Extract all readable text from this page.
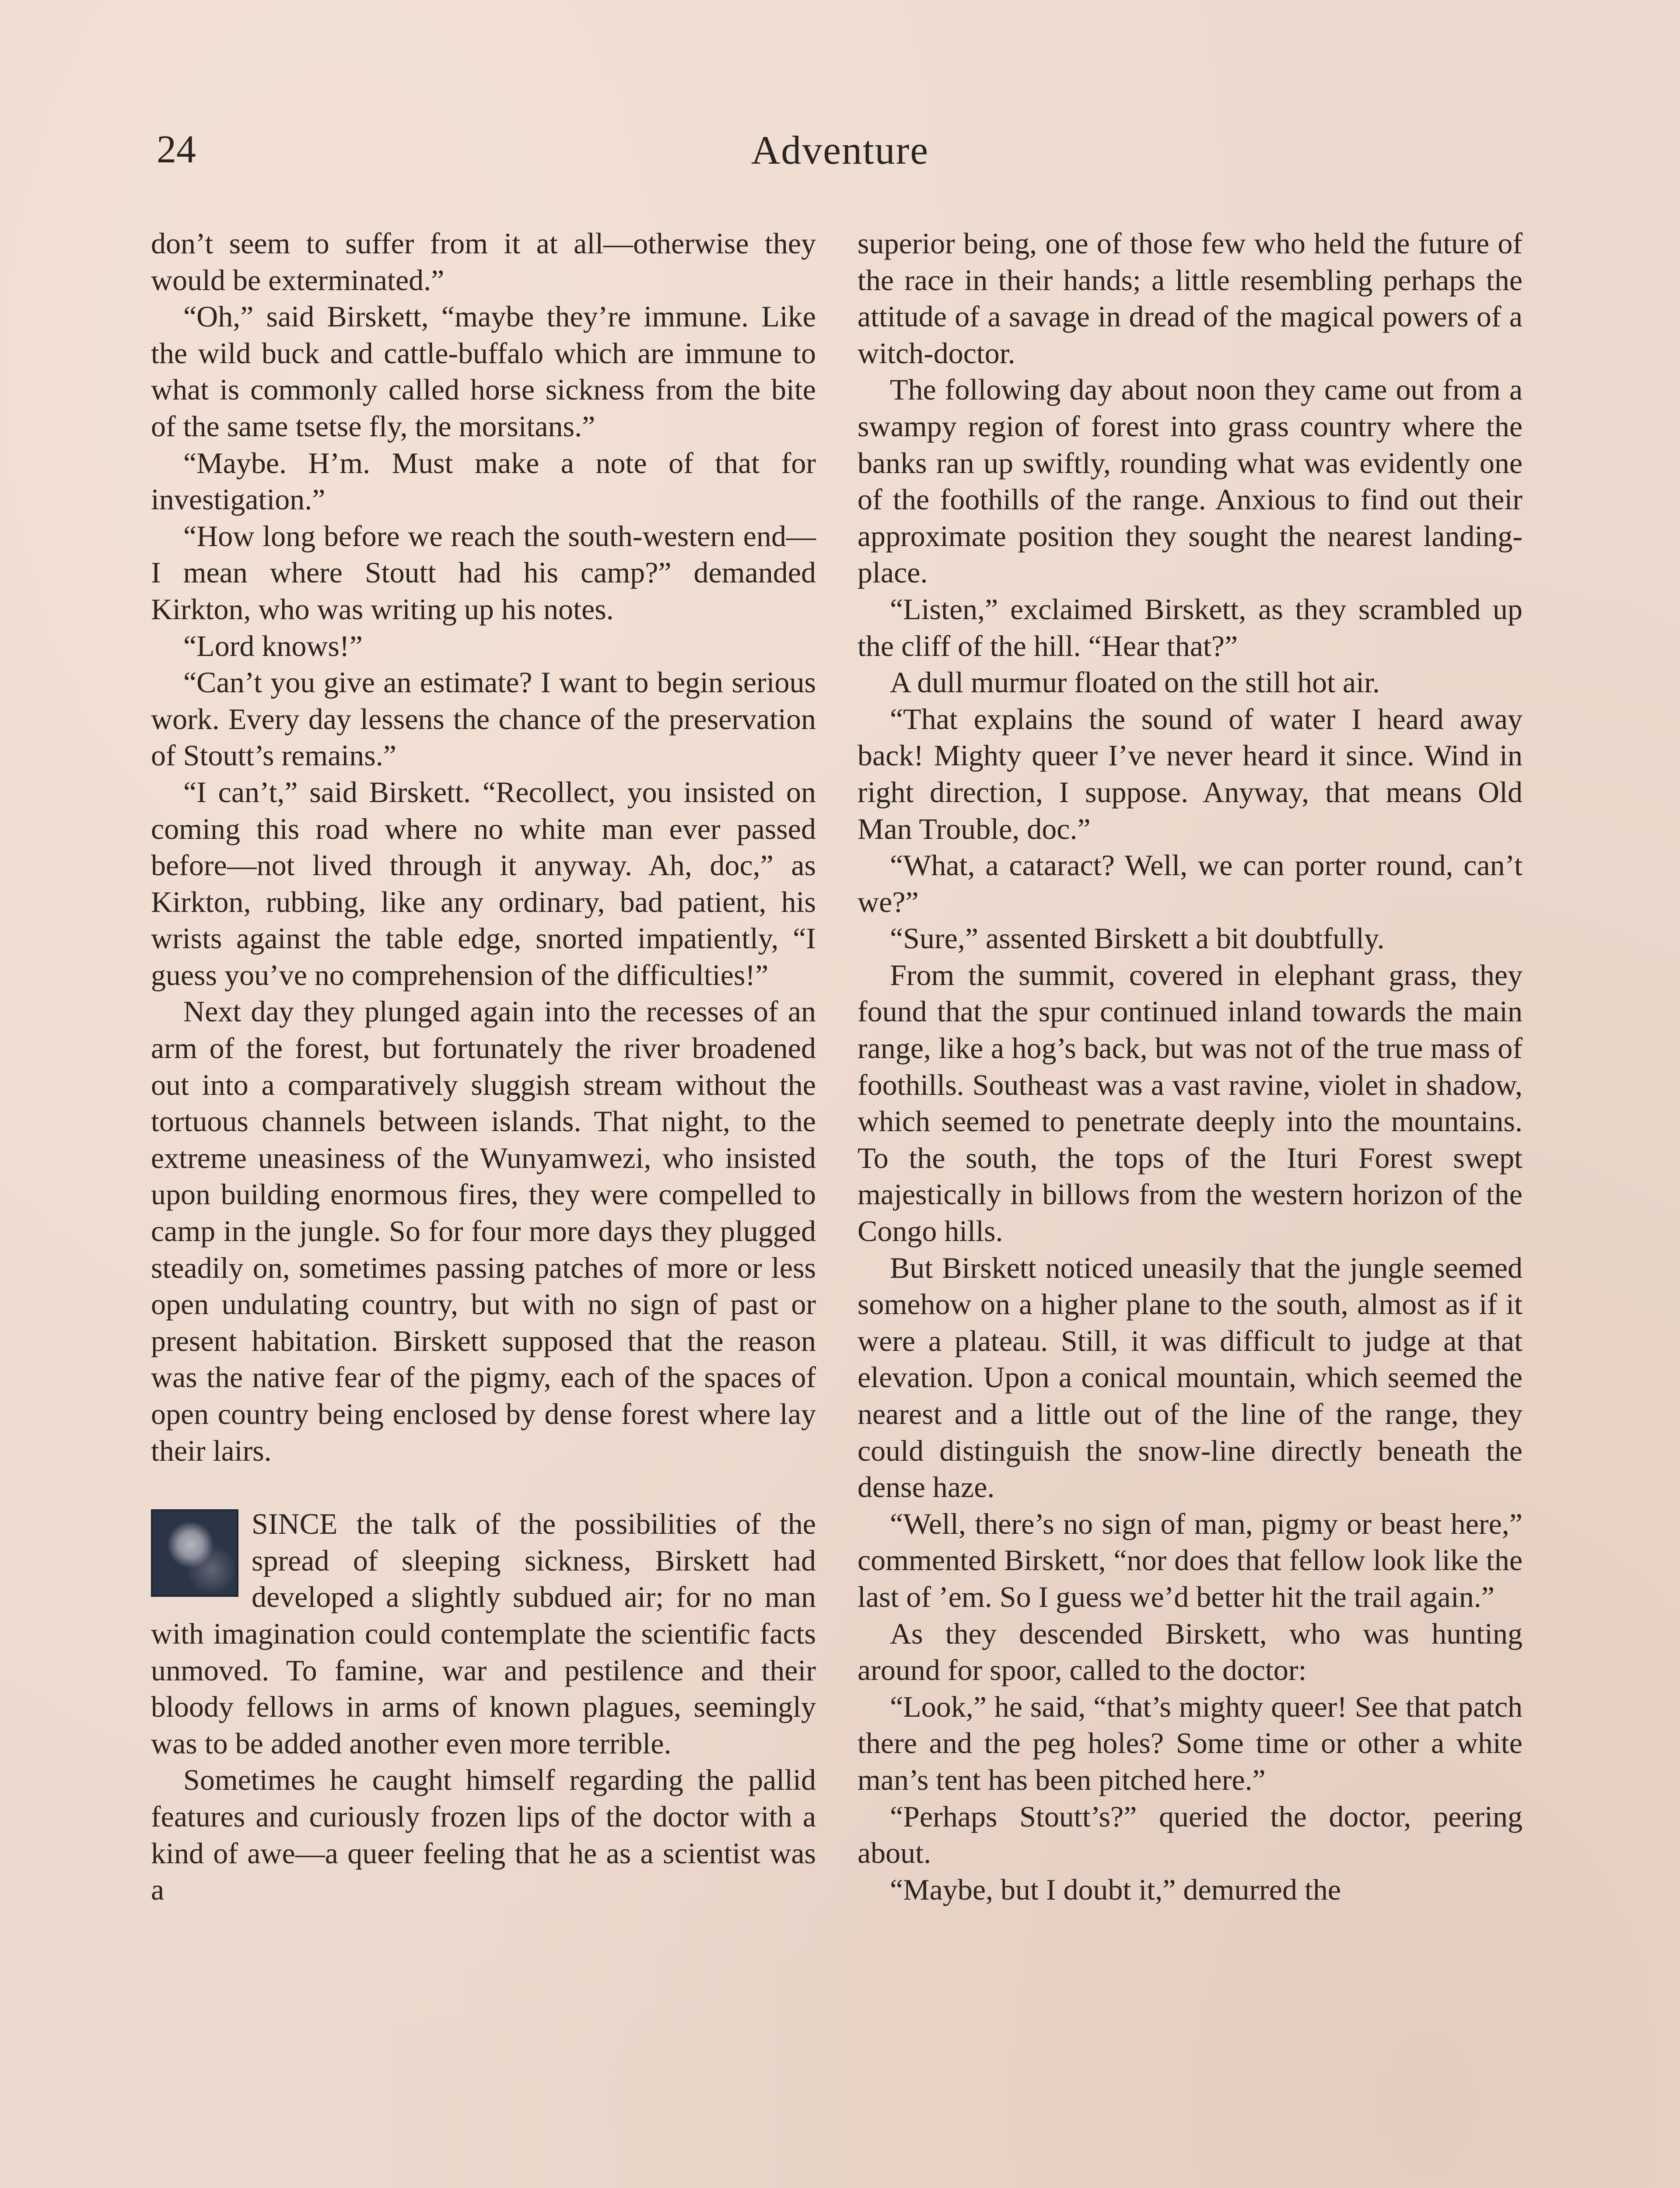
24	Adventure

don’t seem to suffer from it at all—otherwise they would be exterminated.”

“Oh,” said Birskett, “maybe they’re immune. Like the wild buck and cattle-buffalo which are immune to what is commonly called horse sickness from the bite of the same tsetse fly, the morsitans.”

“Maybe. H’m. Must make a note of that for investigation.”

“How long before we reach the south-western end—I mean where Stoutt had his camp?” demanded Kirkton, who was writing up his notes.

“Lord knows!”

“Can’t you give an estimate? I want to begin serious work. Every day lessens the chance of the preservation of Stoutt’s remains.”

“I can’t,” said Birskett. “Recollect, you insisted on coming this road where no white man ever passed before—not lived through it anyway. Ah, doc,” as Kirkton, rubbing, like any ordinary, bad patient, his wrists against the table edge, snorted impatiently, “I guess you’ve no comprehension of the difficulties!”

Next day they plunged again into the recesses of an arm of the forest, but fortunately the river broadened out into a comparatively sluggish stream without the tortuous channels between islands. That night, to the extreme uneasiness of the Wunyamwezi, who insisted upon building enormous fires, they were compelled to camp in the jungle. So for four more days they plugged steadily on, sometimes passing patches of more or less open undulating country, but with no sign of past or present habitation. Birskett supposed that the reason was the native fear of the pigmy, each of the spaces of open country being enclosed by dense forest where lay their lairs.

SINCE the talk of the possibilities of the spread of sleeping sickness, Birskett had developed a slightly subdued air; for no man with imagination could contemplate the scientific facts unmoved. To famine, war and pestilence and their bloody fellows in arms of known plagues, seemingly was to be added another even more terrible.

Sometimes he caught himself regarding the pallid features and curiously frozen lips of the doctor with a kind of awe—a queer feeling that he as a scientist was a

superior being, one of those few who held the future of the race in their hands; a little resembling perhaps the attitude of a savage in dread of the magical powers of a witch-doctor.

The following day about noon they came out from a swampy region of forest into grass country where the banks ran up swiftly, rounding what was evidently one of the foothills of the range. Anxious to find out their approximate position they sought the nearest landing-place.

“Listen,” exclaimed Birskett, as they scrambled up the cliff of the hill. “Hear that?”

A dull murmur floated on the still hot air.

“That explains the sound of water I heard away back! Mighty queer I’ve never heard it since. Wind in right direction, I suppose. Anyway, that means Old Man Trouble, doc.”

“What, a cataract? Well, we can porter round, can’t we?”

“Sure,” assented Birskett a bit doubtfully.

From the summit, covered in elephant grass, they found that the spur continued inland towards the main range, like a hog’s back, but was not of the true mass of foothills. Southeast was a vast ravine, violet in shadow, which seemed to penetrate deeply into the mountains. To the south, the tops of the Ituri Forest swept majestically in billows from the western horizon of the Congo hills.

But Birskett noticed uneasily that the jungle seemed somehow on a higher plane to the south, almost as if it were a plateau. Still, it was difficult to judge at that elevation. Upon a conical mountain, which seemed the nearest and a little out of the line of the range, they could distinguish the snow-line directly beneath the dense haze.

“Well, there’s no sign of man, pigmy or beast here,” commented Birskett, “nor does that fellow look like the last of ’em. So I guess we’d better hit the trail again.”

As they descended Birskett, who was hunting around for spoor, called to the doctor:

“Look,” he said, “that’s mighty queer! See that patch there and the peg holes? Some time or other a white man’s tent has been pitched here.”

“Perhaps Stoutt’s?” queried the doctor, peering about.

“Maybe, but I doubt it,” demurred the
